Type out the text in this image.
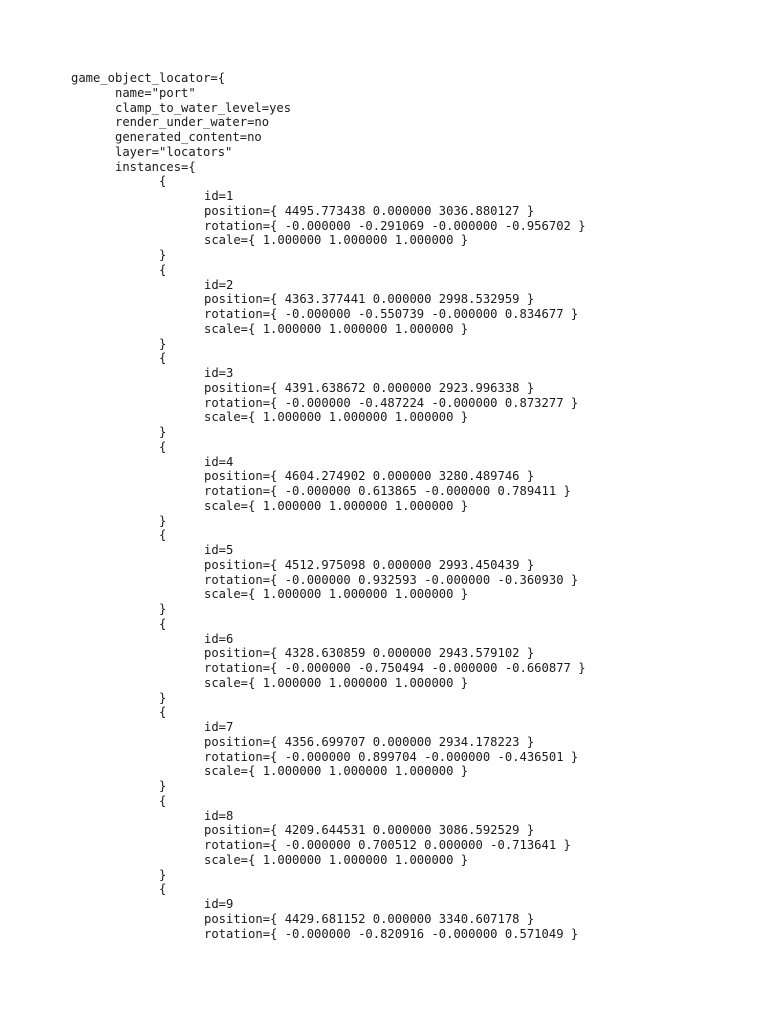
game_object_locator={
name="port"
clamp_to_water_level=yes
render_under_water=no
generated_content=no
layer="locators"
instances={
{
id=1
position={ 4495.773438 0.000000 3036.880127 }
rotation={ -0.000000 -0.291069 -0.000000 -0.956702 }
scale={ 1.000000 1.000000 1.000000 }
}
{
id=2
position={ 4363.377441 0.000000 2998.532959 }
rotation={ -0.000000 -0.550739 -0.000000 0.834677 }
scale={ 1.000000 1.000000 1.000000 }
}
{
id=3
position={ 4391.638672 0.000000 2923.996338 }
rotation={ -0.000000 -0.487224 -0.000000 0.873277 }
scale={ 1.000000 1.000000 1.000000 }
}
{
id=4
position={ 4604.274902 0.000000 3280.489746 }
rotation={ -0.000000 0.613865 -0.000000 0.789411 }
scale={ 1.000000 1.000000 1.000000 }
}
{
id=5
position={ 4512.975098 0.000000 2993.450439 }
rotation={ -0.000000 0.932593 -0.000000 -0.360930 }
scale={ 1.000000 1.000000 1.000000 }
}
{
id=6
position={ 4328.630859 0.000000 2943.579102 }
rotation={ -0.000000 -0.750494 -0.000000 -0.660877 }
scale={ 1.000000 1.000000 1.000000 }
}
{
id=7
position={ 4356.699707 0.000000 2934.178223 }
rotation={ -0.000000 0.899704 -0.000000 -0.436501 }
scale={ 1.000000 1.000000 1.000000 }
}
{
id=8
position={ 4209.644531 0.000000 3086.592529 }
rotation={ -0.000000 0.700512 0.000000 -0.713641 }
scale={ 1.000000 1.000000 1.000000 }
}
{
id=9
position={ 4429.681152 0.000000 3340.607178 }
rotation={ -0.000000 -0.820916 -0.000000 0.571049 }
